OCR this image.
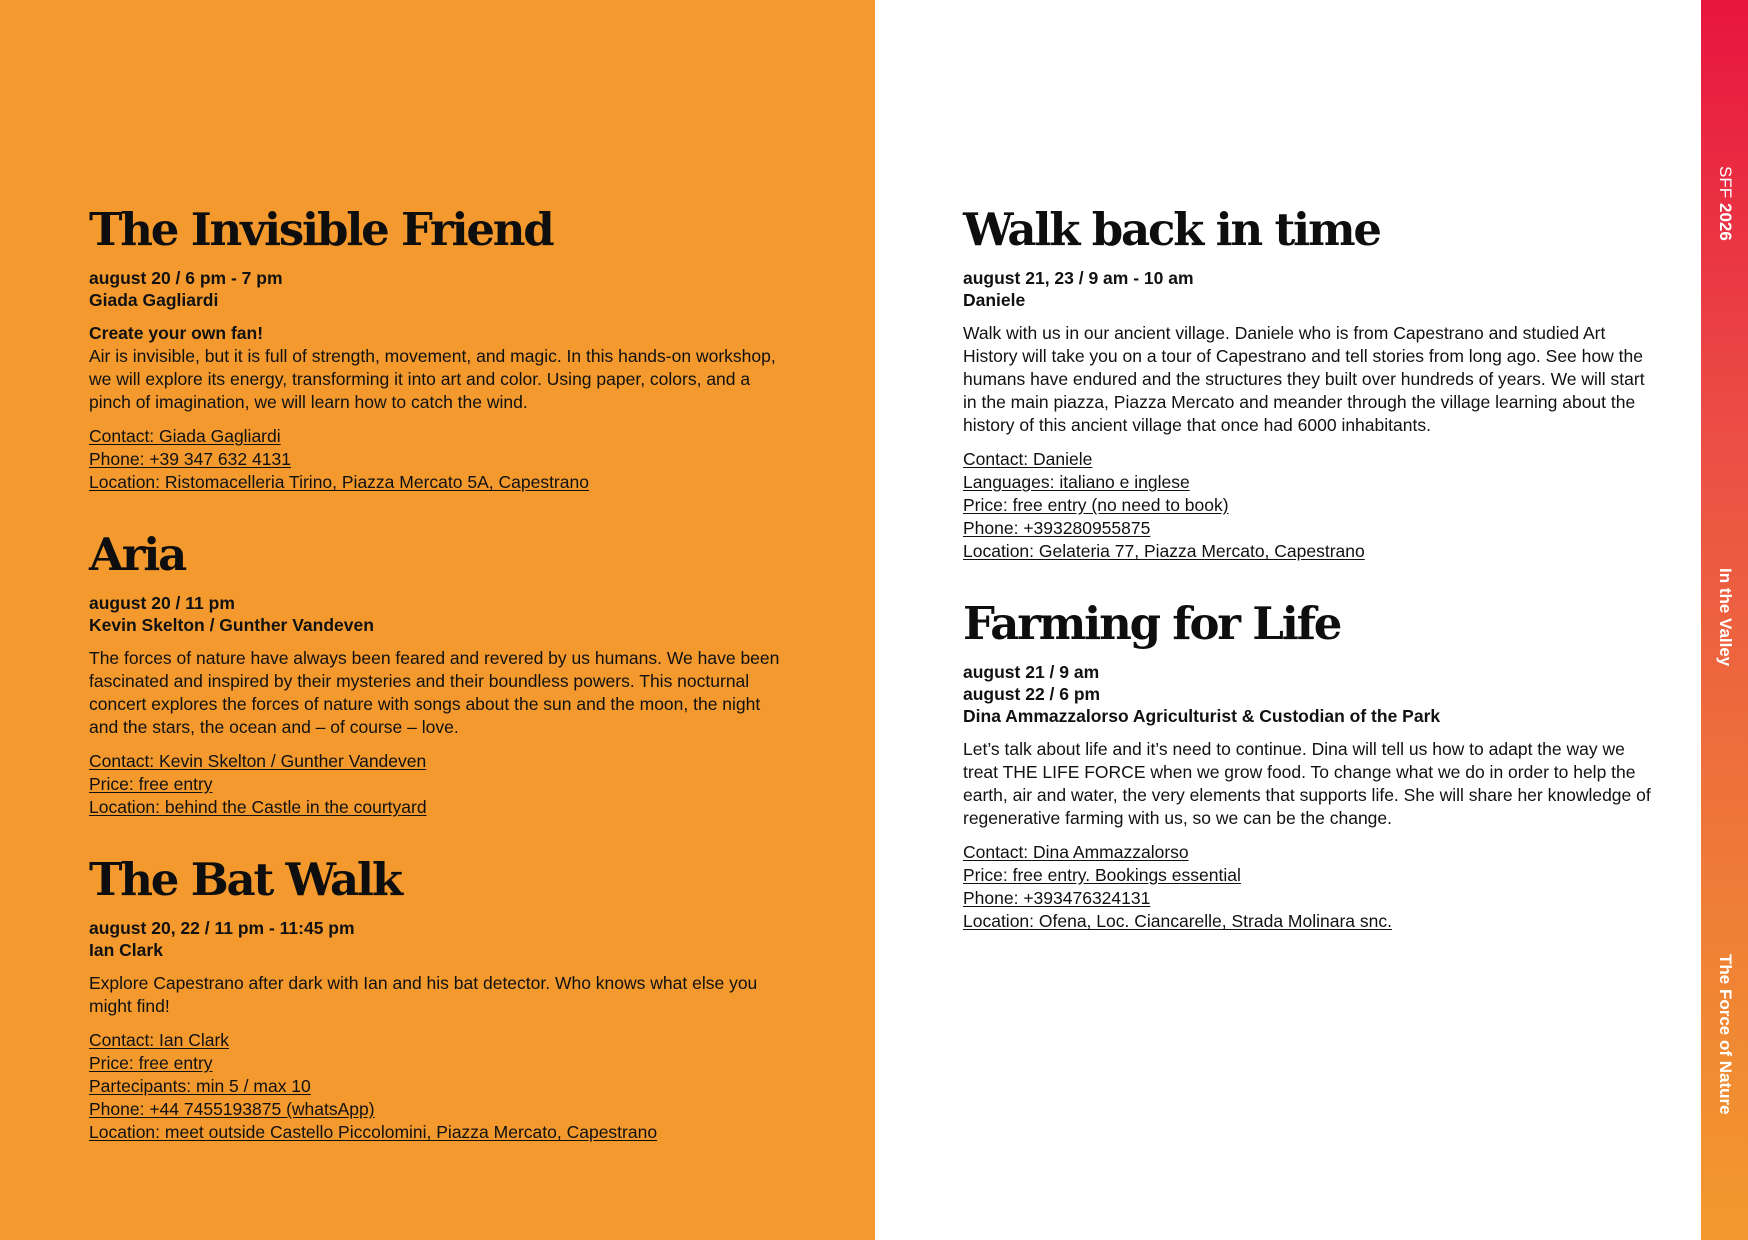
SFF

2026
In the Valley
The Force of Nature
The Invisible Friend
august 20 / 6 pm - 7 pm
Giada Gagliardi
Create your own fan!
Air is invisible, but it is full of strength, movement, and magic. In this hands-on workshop, we will explore its energy, transforming it into art and color. Using paper, colors, and a pinch of imagination, we will learn how to catch the wind.
Contact: Giada Gagliardi
Phone: +39 347 632 4131
Location: Ristomacelleria Tirino, Piazza Mercato 5A, Capestrano
Aria
august 20 / 11 pm
Kevin Skelton / Gunther Vandeven
The forces of nature have always been feared and revered by us humans. We have been fascinated and inspired by their mysteries and their boundless powers. This nocturnal concert explores the forces of nature with songs about the sun and the moon, the night and the stars, the ocean and – of course – love.
Contact: Kevin Skelton / Gunther Vandeven
Price: free entry
Location: behind the Castle in the courtyard
The Bat Walk
august 20, 22 / 11 pm - 11:45 pm
Ian Clark
Explore Capestrano after dark with Ian and his bat detector. Who knows what else you might find!
Contact: Ian Clark
Price: free entry
Partecipants: min 5 / max 10
Phone: +44 7455193875 (whatsApp)
Location: meet outside Castello Piccolomini, Piazza Mercato, Capestrano
Walk back in time
august 21, 23 / 9 am - 10 am
Daniele
Walk with us in our ancient village. Daniele who is from Capestrano and studied Art History will take you on a tour of Capestrano and tell stories from long ago. See how the humans have endured and the structures they built over hundreds of years. We will start in the main piazza, Piazza Mercato and meander through the village learning about the history of this ancient village that once had 6000 inhabitants.
Contact: Daniele
Languages: italiano e inglese
Price: free entry (no need to book)
Phone: +393280955875
Location: Gelateria 77, Piazza Mercato, Capestrano
Farming for Life
august 21 / 9 am
august 22 / 6 pm
Dina Ammazzalorso Agriculturist & Custodian of the Park
Let’s talk about life and it’s need to continue. Dina will tell us how to adapt the way we treat THE LIFE FORCE when we grow food. To change what we do in order to help the earth, air and water, the very elements that supports life. She will share her knowledge of regenerative farming with us, so we can be the change.
Contact: Dina Ammazzalorso
Price: free entry. Bookings essential
Phone: +393476324131
Location: Ofena, Loc. Ciancarelle, Strada Molinara snc.
